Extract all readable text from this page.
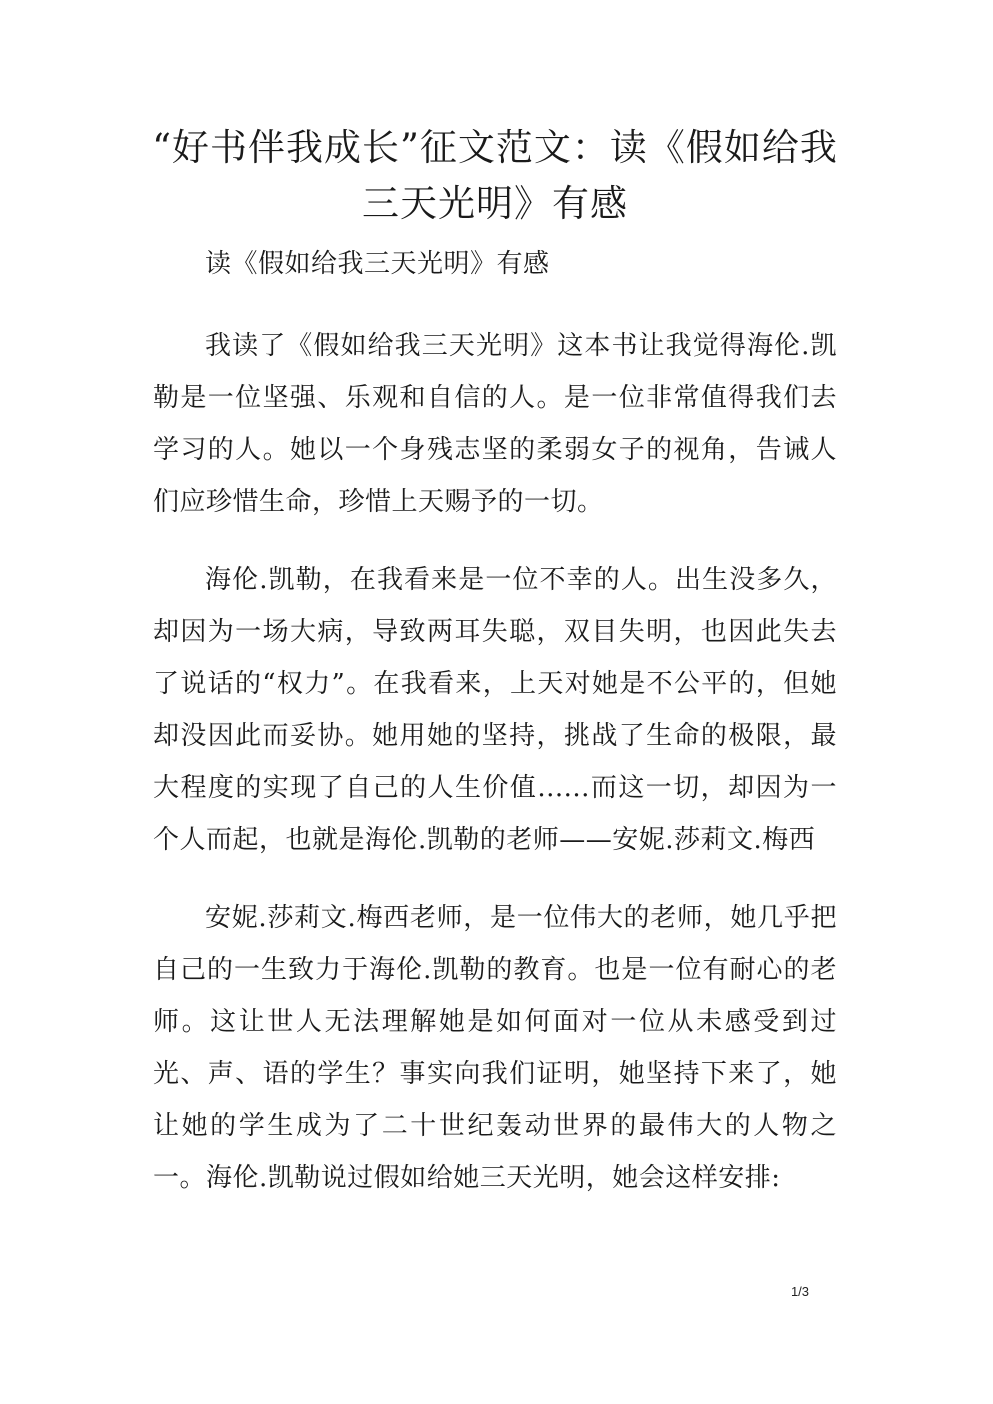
“好书伴我成长”征文范文：读《假如给我三天光明》有感

读《假如给我三天光明》有感

我读了《假如给我三天光明》这本书让我觉得海伦.凯勒是一位坚强、乐观和自信的人。是一位非常值得我们去学习的人。她以一个身残志坚的柔弱女子的视角，告诫人们应珍惜生命，珍惜上天赐予的一切。

海伦.凯勒，在我看来是一位不幸的人。出生没多久，却因为一场大病，导致两耳失聪，双目失明，也因此失去了说话的“权力”。在我看来，上天对她是不公平的，但她却没因此而妥协。她用她的坚持，挑战了生命的极限，最大程度的实现了自己的人生价值......而这一切，却因为一个人而起，也就是海伦.凯勒的老师——安妮.莎莉文.梅西

安妮.莎莉文.梅西老师，是一位伟大的老师，她几乎把自己的一生致力于海伦.凯勒的教育。也是一位有耐心的老师。这让世人无法理解她是如何面对一位从未感受到过光、声、语的学生？事实向我们证明，她坚持下来了，她让她的学生成为了二十世纪轰动世界的最伟大的人物之一。海伦.凯勒说过假如给她三天光明，她会这样安排:

1/3
